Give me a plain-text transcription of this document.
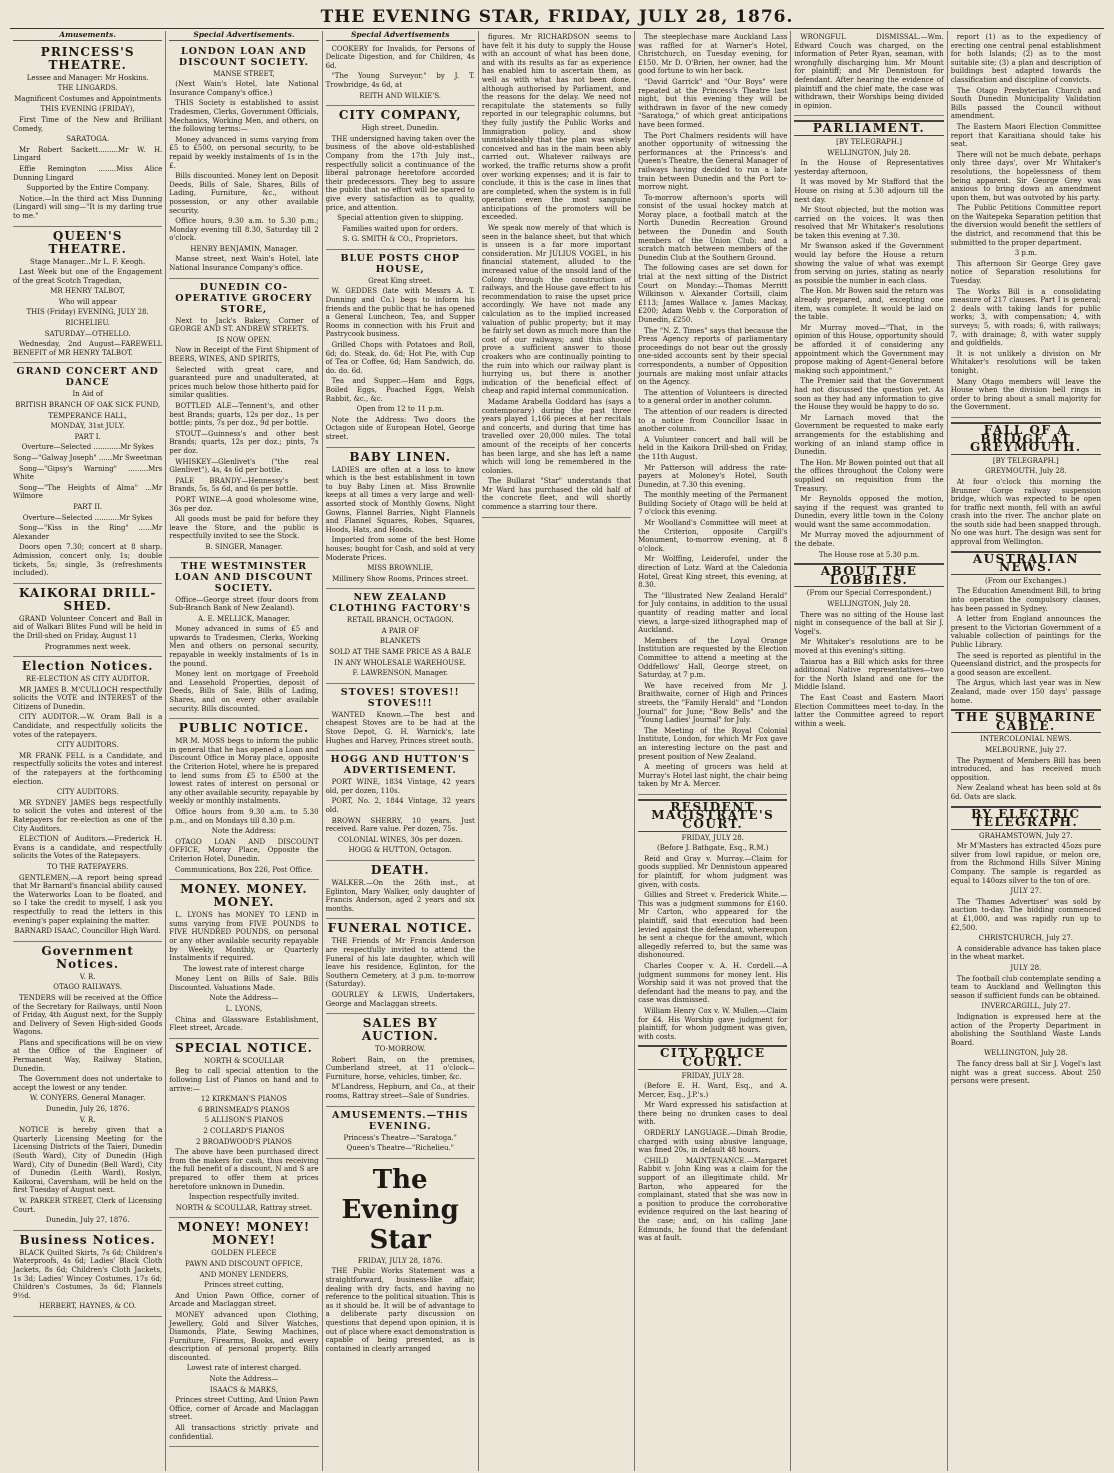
THE EVENING STAR, FRIDAY, JULY 28, 1876.
Amusements.
PRINCESS'S THEATRE.

Lessee and Manager: Mr Hoskins.

THE LINGARDS.

Magnificent Costumes and Appointments

THIS EVENING (FRIDAY),

First Time of the New and Brilliant Comedy,

SARATOGA.

Mr Robert Sackett.........Mr W. H. Lingard

Effie Remington ........Miss Alice Dunning Lingard

Supported by the Entire Company.

Notice.—In the third act Miss Dunning (Lingard) will sing—"It is my darling true to me."

QUEEN'S THEATRE.

Stage Manager...Mr L. F. Keogh.

Last Week but one of the Engagement of the great Scotch Tragedian,

MR HENRY TALBOT,

Who will appear

THIS (Friday) EVENING, JULY 28.

RICHELIEU.

SATURDAY—OTHELLO.

Wednesday, 2nd August—FAREWELL BENEFIT of MR HENRY TALBOT.

GRAND CONCERT AND DANCE

In Aid of

BRITISH BRANCH OF OAK SICK FUND,

TEMPERANCE HALL,

MONDAY, 31st JULY.

PART I.

Overture—Selected ............Mr Sykes

Song—"Galway Joseph" ......Mr Sweetman

Song—"Gipsy's Warning" .........Mrs White

Song—"The Heights of Alma" ...Mr Wilmore

PART II.

Overture—Selected ...........Mr Sykes

Song—"Kiss in the Ring" ......Mr Alexander

Doors open 7.30; concert at 8 sharp. Admission, concert only, 1s; double tickets, 5s; single, 3s (refreshments included).

KAIKORAI DRILL-SHED.

GRAND Volunteer Concert and Ball in aid of Walkari Blites Fund will be held in the Drill-shed on Friday, August 11

Programmes next week.

Election Notices.

RE-ELECTION AS CITY AUDITOR.

MR JAMES B. M'CULLOCH respectfully solicits the VOTE and INTEREST of the Citizens of Dunedin.

CITY AUDITOR.—W. Oram Ball is a Candidate, and respectfully solicits the votes of the ratepayers.

CITY AUDITORS.

MR FRANK FELL is a Candidate, and respectfully solicits the votes and interest of the ratepayers at the forthcoming election.

CITY AUDITORS.

MR SYDNEY JAMES begs respectfully to solicit the votes and interest of the Ratepayers for re-election as one of the City Auditors.

ELECTION of Auditors.—Frederick H. Evans is a candidate, and respectfully solicits the Votes of the Ratepayers.

TO THE RATEPAYERS.

GENTLEMEN,—A report being spread that Mr Barnard's financial ability caused the Waterworks Loan to be floated, and so I take the credit to myself, I ask you respectfully to read the letters in this evening's paper explaining the matter.

BARNARD ISAAC, Councillor High Ward.

Government Notices.

V. R.

OTAGO RAILWAYS.

TENDERS will be received at the Office of the Secretary for Railways, until Noon of Friday, 4th August next, for the Supply and Delivery of Seven High-sided Goods Wagons.

Plans and specifications will be on view at the Office of the Engineer of Permanent Way, Railway Station, Dunedin.

The Government does not undertake to accept the lowest or any tender.

W. CONYERS, General Manager.

Dunedin, July 26, 1876.

V. R.

NOTICE is hereby given that a Quarterly Licensing Meeting for the Licensing Districts of the Taieri, Dunedin (South Ward), City of Dunedin (High Ward), City of Dunedin (Bell Ward), City of Dunedin (Leith Ward), Roslyn, Kaikorai, Caversham, will be held on the first Tuesday of August next.

W. PARKER STREET, Clerk of Licensing Court.

Dunedin, July 27, 1876.

Business Notices.

BLACK Quilted Skirts, 7s 6d; Children's Waterproofs, 4s 6d; Ladies' Black Cloth Jackets, 8s 6d; Children's Cloth Jackets, 1s 3d; Ladies' Wincey Costumes, 17s 6d; Children's Costumes, 3s 6d; Flannels 9½d.

HERBERT, HAYNES, & CO.

Special Advertisements.
LONDON LOAN AND DISCOUNT SOCIETY.

MANSE STREET,

(Next Wain's Hotel, late National Insurance Company's office.)

THIS Society is established to assist Tradesmen, Clerks, Government Officials, Mechanics, Working Men, and others, on the following terms:—

Money advanced in sums varying from £5 to £500, on personal security, to be repaid by weekly instalments of 1s in the £.

Bills discounted. Money lent on Deposit Deeds, Bills of Sale, Shares, Bills of Lading, Furniture, &c., without possession, or any other available security.

Office hours, 9.30 a.m. to 5.30 p.m.; Monday evening till 8.30, Saturday till 2 o'clock.

HENRY BENJAMIN, Manager.

Manse street, next Wain's Hotel, late National Insurance Company's office.

DUNEDIN CO-OPERATIVE GROCERY STORE,

Next to Jack's Bakery, Corner of GEORGE AND ST. ANDREW STREETS.

IS NOW OPEN.

Now in Receipt of the First Shipment of BEERS, WINES, AND SPIRITS,

Selected with great care, and guaranteed pure and unadulterated, at prices much below those hitherto paid for similar qualities.

BOTTLED ALE—Tennent's, and other best Brands; quarts, 12s per doz., 1s per bottle; pints, 7s per doz., 9d per bottle.

STOUT—Guinness's and other best Brands; quarts, 12s per doz.; pints, 7s per doz.

WHISKEY—Glenlivet's ("the real Glenlivet"), 4s, 4s 6d per bottle.

PALE BRANDY—Hennessy's best Brands, 5s, 5s 6d, and 6s per bottle.

PORT WINE—A good wholesome wine, 36s per doz.

All goods must be paid for before they leave the Store, and the public is respectfully invited to see the Stock.

B. SINGER, Manager.

THE WESTMINSTER LOAN AND DISCOUNT SOCIETY.

Office—George street (four doors from Sub-Branch Bank of New Zealand).

A. E. MELLICK, Manager.

Money advanced in sums of £5 and upwards to Tradesmen, Clerks, Working Men and others on personal security, repayable in weekly instalments of 1s in the pound.

Money lent on mortgage of Freehold and Leasehold Properties, deposit of Deeds, Bills of Sale, Bills of Lading, Shares, and on every other available security. Bills discounted.

PUBLIC NOTICE.

MR M. MOSS begs to inform the public in general that he has opened a Loan and Discount Office in Moray place, opposite the Criterion Hotel, where he is prepared to lend sums from £5 to £500 at the lowest rates of interest on personal or any other available security, repayable by weekly or monthly instalments.

Office hours from 9.30 a.m. to 5.30 p.m., and on Mondays till 8.30 p.m.

Note the Address:

OTAGO LOAN AND DISCOUNT OFFICE, Moray Place, Opposite the Criterion Hotel, Dunedin.

Communications, Box 226, Post Office.

MONEY. MONEY. MONEY.

L. LYONS has MONEY TO LEND in sums varying from FIVE POUNDS to FIVE HUNDRED POUNDS, on personal or any other available security repayable by Weekly, Monthly, or Quarterly Instalments if required.

The lowest rate of interest charge

Money Lent on Bills of Sale. Bills Discounted. Valuations Made.

Note the Address—

L. LYONS,

China and Glassware Establishment, Fleet street, Arcade.

SPECIAL NOTICE.

NORTH & SCOULLAR

Beg to call special attention to the following List of Pianos on hand and to arrive:—

12 KIRKMAN'S PIANOS

6 BRINSMEAD'S PIANOS

5 ALLISON'S PIANOS

2 COLLARD'S PIANOS

2 BROADWOOD'S PIANOS

The above have been purchased direct from the makers for cash, thus receiving the full benefit of a discount, N and S are prepared to offer them at prices heretofore unknown in Dunedin.

Inspection respectfully invited.

NORTH & SCOULLAR, Rattray street.

MONEY! MONEY! MONEY!

GOLDEN FLEECE

PAWN AND DISCOUNT OFFICE,

AND MONEY LENDERS,

Princes street cutting,

And Union Pawn Office, corner of Arcade and Maclaggan street.

MONEY advanced upon Clothing, Jewellery, Gold and Silver Watches, Diamonds, Plate, Sewing Machines, Furniture, Firearms, Books, and every description of personal property. Bills discounted.

Lowest rate of interest charged.

Note the Address—

ISAACS & MARKS,

Princes street Cutting, And Union Pawn Office, corner of Arcade and Maclaggan street.

All transactions strictly private and confidential.

Special Advertisements

COOKERY for Invalids, for Persons of Delicate Digestion, and for Children, 4s 6d.

"The Young Surveyor," by J. T. Trowbridge, 4s 6d, at

REITH AND WILKIE'S.

CITY COMPANY,

High street, Dunedin.

THE undersigned having taken over the business of the above old-established Company from the 17th July inst., respectfully solicit a continuance of the liberal patronage heretofore accorded their predecessors. They beg to assure the public that no effort will be spared to give every satisfaction as to quality, price, and attention.

Special attention given to shipping.

Families waited upon for orders.

S. G. SMITH & CO., Proprietors.

BLUE POSTS CHOP HOUSE,

Great King street.

W. GEDDES (late with Messrs A. T. Dunning and Co.) begs to inform his friends and the public that he has opened a General Luncheon, Tea, and Supper Rooms in connection with his Fruit and Pastrycook business.

Grilled Chops with Potatoes and Roll, 6d; do. Steak, do. 6d; Hot Pie, with Cup of Tea or Coffee, 6d; Ham Sandwich, do. do. do. 6d.

Tea and Supper.—Ham and Eggs, Boiled Eggs, Poached Eggs, Welsh Rabbit, &c., &c.

Open from 12 to 11 p.m.

Note the Address: Two doors the Octagon side of European Hotel, George street.

BABY LINEN.

LADIES are often at a loss to know which is the best establishment in town to buy Baby Linen at. Miss Brownlie keeps at all times a very large and well-assorted stock of Monthly Gowns, Night Gowns, Flannel Barries, Night Flannels and Flannel Squares, Robes, Squares, Hoods, Hats, and Hoods.

Imported from some of the best Home houses; bought for Cash, and sold at very Moderate Prices.

MISS BROWNLIE,

Millinery Show Rooms, Princes street.

NEW ZEALAND CLOTHING FACTORY'S

RETAIL BRANCH, OCTAGON.

A PAIR OF

BLANKETS

SOLD AT THE SAME PRICE AS A BALE

IN ANY WHOLESALE WAREHOUSE.

F. LAWRENSON, Manager.

STOVES! STOVES!! STOVES!!!

WANTED Known.—The best and cheapest Stoves are to be had at the Stove Depot, G. H. Warnick's, late Hughes and Harvey, Princes street south.

HOGG AND HUTTON'S ADVERTISEMENT.

PORT WINE, 1834 Vintage, 42 years old, per dozen, 110s.

PORT, No. 2, 1844 Vintage, 32 years old.

BROWN SHERRY, 10 years. Just received. Rare value. Per dozen, 75s.

COLONIAL WINES, 30s per dozen.

HOGG & HUTTON, Octagon.

DEATH.

WALKER.—On the 26th inst., at Eglinton, Mary Walker, only daughter of Francis Anderson, aged 2 years and six months.

FUNERAL NOTICE.

THE Friends of Mr Francis Anderson are respectfully invited to attend the Funeral of his late daughter, which will leave his residence, Eglinton, for the Southern Cemetery, at 3 p.m. to-morrow (Saturday).

GOURLEY & LEWIS, Undertakers, George and Maclaggan streets.

SALES BY AUCTION.

TO-MORROW.

Robert Bain, on the premises, Cumberland street, at 11 o'clock—Furniture, horse, vehicles, timber, &c.

M'Landress, Hepburn, and Co., at their rooms, Rattray street—Sale of Sundries.

AMUSEMENTS.—THIS EVENING.

Princess's Theatre—"Saratoga."

Queen's Theatre—"Richelieu."

The Evening Star

FRIDAY, JULY 28, 1876.

THE Public Works Statement was a straightforward, business-like affair, dealing with dry facts, and having no reference to the political situation. This is as it should be. It will be of advantage to a deliberate party discussion on questions that depend upon opinion, it is out of place where exact demonstration is capable of being presented, as is contained in clearly arranged

figures. Mr RICHARDSON seems to have felt it his duty to supply the House with an account of what has been done, and with its results as far as experience has enabled him to ascertain them, as well as with what has not been done, although authorised by Parliament, and the reasons for the delay. We need not recapitulate the statements so fully reported in our telegraphic columns, but they fully justify the Public Works and Immigration policy, and show unmistakeably that the plan was wisely conceived and has in the main been ably carried out. Whatever railways are worked, the traffic returns show a profit over working expenses; and it is fair to conclude, it this is the case in lines that are completed, when the system is in full operation even the most sanguine anticipations of the promoters will be exceeded.

We speak now merely of that which is seen in the balance sheet, but that which is unseen is a far more important consideration. Mr JULIUS VOGEL, in his financial statement, alluded to the increased value of the unsold land of the Colony through the construction of railways, and the House gave effect to his recommendation to raise the upset price accordingly. We have not made any calculation as to the implied increased valuation of public property; but it may be fairly set down as much more than the cost of our railways; and this should prove a sufficient answer to those croakers who are continually pointing to the ruin into which our railway plant is hurrying us, but there is another indication of the beneficial effect of cheap and rapid internal communication.

Madame Arabella Goddard has (says a contemporary) during the past three years played 1,166 pieces at her recitals and concerts, and during that time has travelled over 20,000 miles. The total amount of the receipts of her concerts has been large, and she has left a name which will long be remembered in the colonies.

The Bullarat "Star" understands that Mr Ward has purchased the old half of the concrete fleet, and will shortly commence a starring tour there.

The steeplechase mare Auckland Lass was raffled for at Warner's Hotel, Christchurch, on Tuesday evening, for £150. Mr D. O'Brien, her owner, had the good fortune to win her back.

"David Garrick" and "Our Boys" were repeated at the Princess's Theatre last night, but this evening they will be withdrawn in favor of the new comedy "Saratoga," of which great anticipations have been formed.

The Port Chalmers residents will have another opportunity of witnessing the performances at the Princess's and Queen's Theatre, the General Manager of railways having decided to run a late train between Dunedin and the Port to-morrow night.

To-morrow afternoon's sports will consist of the usual hockey match at Moray place, a football match at the North Dunedin Recreation Ground between the Dunedin and South members of the Union Club; and a scratch match between members of the Dunedin Club at the Southern Ground.

The following cases are set down for trial at the next sitting of the District Court on Monday:—Thomas Merritt Wilkinson v. Alexander Cortsill, claim £113; James Wallace v. James Mackay, £200; Adam Webb v. the Corporation of Dunedin, £250.

The "N. Z. Times" says that because the Press Agency reports of parliamentary proceedings do not bear out the grossly one-sided accounts sent by their special correspondents, a number of Opposition journals are making most unfair attacks on the Agency.

The attention of Volunteers is directed to a general order in another column.

The attention of our readers is directed to a notice from Councillor Isaac in another column.

A Volunteer concert and ball will be held in the Kaikora Drill-shed on Friday, the 11th August.

Mr Patterson will address the rate-payers at Moloney's Hotel, South Dunedin, at 7.30 this evening.

The monthly meeting of the Permanent Building Society of Otago will be held at 7 o'clock this evening.

Mr Woolland's Committee will meet at the Criterion, opposite Cargill's Monument, to-morrow evening, at 8 o'clock.

Mr Wolffing, Leiderofel, under the direction of Lotz. Ward at the Caledonia Hotel, Great King street, this evening, at 8.30.

The "Illustrated New Zealand Herald" for July contains, in addition to the usual quantity of reading matter and local views, a large-sized lithographed map of Auckland.

Members of the Loyal Orange Institution are requested by the Election Committee to attend a meeting at the Oddfellows' Hall, George street, on Saturday, at 7 p.m.

We have received from Mr J. Braithwaite, corner of High and Princes streets, the "Family Herald" and "London Journal" for June; "Bow Bells" and the "Young Ladies' Journal" for July.

The Meeting of the Royal Colonial Institute, London, for which Mr Fox gave an interesting lecture on the past and present position of New Zealand.

A meeting of grocers was held at Murray's Hotel last night, the chair being taken by Mr A. Mercer.

RESIDENT MAGISTRATE'S COURT.

FRIDAY, JULY 28.

(Before J. Bathgate, Esq., R.M.)

Reid and Gray v. Murray.—Claim for goods supplied. Mr Dennistoun appeared for plaintiff, for whom judgment was given, with costs.

Gillies and Street v. Frederick White.—This was a judgment summons for £160. Mr Carton, who appeared for the plaintiff, said that execution had been levied against the defendant, whereupon he sent a cheque for the amount, which allegedly referred to, but the same was dishonoured.

Charles Cooper v. A. H. Cordell.—A judgment summons for money lent. His Worship said it was not proved that the defendant had the means to pay, and the case was dismissed.

William Henry Cox v. W. Mullen.—Claim for £4. His Worship gave judgment for plaintiff, for whom judgment was given, with costs.

CITY POLICE COURT.

FRIDAY, JULY 28.

(Before E. H. Ward, Esq., and A. Mercer, Esq., J.P.'s.)

Mr Ward expressed his satisfaction at there being no drunken cases to deal with.

ORDERLY LANGUAGE.—Dinah Brodie, charged with using abusive language, was fined 20s, in default 48 hours.

CHILD MAINTENANCE.—Margaret Rabbit v. John King was a claim for the support of an illegitimate child. Mr Barton, who appeared for the complainant, stated that she was now in a position to produce the corroborative evidence required on the last hearing of the case; and, on his calling Jane Edmunds, he found that the defendant was at fault.

WRONGFUL DISMISSAL.—Wm. Edward Couch was charged, on the information of Peter Ryan, seaman, with wrongfully discharging him. Mr Mount for plaintiff; and Mr Dennistoun for defendant. After hearing the evidence of plaintiff and the chief mate, the case was withdrawn, their Worships being divided in opinion.

PARLIAMENT.

[BY TELEGRAPH.]

WELLINGTON, July 28.

In the House of Representatives yesterday afternoon,

It was moved by Mr Stafford that the House on rising at 5.30 adjourn till the next day.

Mr Stout objected, but the motion was carried on the voices. It was then resolved that Mr Whitaker's resolutions be taken this evening at 7.30.

Mr Swanson asked if the Government would lay before the House a return showing the value of what was exempt from serving on juries, stating as nearly as possible the number in each class.

The Hon. Mr Bowen said the return was already prepared, and, excepting one item, was complete. It would be laid on the table.

Mr Murray moved—"That, in the opinion of this House, opportunity should be afforded it of considering any appointment which the Government may propose making of Agent-General before making such appointment."

The Premier said that the Government had not discussed the question yet. As soon as they had any information to give the House they would be happy to do so.

Mr Larnach moved that the Government be requested to make early arrangements for the establishing and working of an inland stamp office in Dunedin.

The Hon. Mr Bowen pointed out that all the offices throughout the Colony were supplied on requisition from the Treasury.

Mr Reynolds opposed the motion, saying if the request was granted to Dunedin, every little town in the Colony would want the same accommodation.

Mr Murray moved the adjournment of the debate.

The House rose at 5.30 p.m.

ABOUT THE LOBBIES.

(From our Special Correspondent.)

WELLINGTON, July 28.

There was no sitting of the House last night in consequence of the ball at Sir J. Vogel's.

Mr Whitaker's resolutions are to be moved at this evening's sitting.

Taiaroa has a Bill which asks for three additional Native representatives—two for the North Island and one for the Middle Island.

The East Coast and Eastern Maori Election Committees meet to-day. In the latter the Committee agreed to report within a week.

report (1) as to the expediency of erecting one central penal establishment for both Islands; (2) as to the most suitable site; (3) a plan and description of buildings best adapted towards the classification and discipline of convicts.

The Otago Presbyterian Church and South Dunedin Municipality Validation Bills passed the Council without amendment.

The Eastern Maori Election Committee report that Karaitiana should take his seat.

There will not be much debate, perhaps only three days', over Mr Whitaker's resolutions, the hopelessness of them being apparent. Sir George Grey was anxious to bring down an amendment upon them, but was outvoted by his party.

The Public Petitions Committee report on the Waitepeka Separation petition that the diversion would benefit the settlers of the district, and recommend that this be submitted to the proper department.

3 p.m.

This afternoon Sir George Grey gave notice of Separation resolutions for Tuesday.

The Works Bill is a consolidating measure of 217 clauses. Part I is general; 2 deals with taking lands for public works; 3, with compensation; 4, with surveys; 5, with roads; 6, with railways; 7, with drainage; 8, with water supply and goldfields.

It is not unlikely a division on Mr Whitaker's resolutions will be taken tonight.

Many Otago members will leave the House when the division bell rings in order to bring about a small majority for the Government.

FALL OF A BRIDGE AT GREYMOUTH.

[BY TELEGRAPH.]

GREYMOUTH, July 28.

At four o'clock this morning the Brunner Gorge railway suspension bridge, which was expected to be open for traffic next month, fell with an awful crash into the river. The anchor plate on the south side had been snapped through. No one was hurt. The design was sent for approval from Wellington.

AUSTRALIAN NEWS.

(From our Exchanges.)

The Education Amendment Bill, to bring into operation the compulsory clauses, has been passed in Sydney.

A letter from England announces the present to the Victorian Government of a valuable collection of paintings for the Public Library.

The seed is reported as plentiful in the Queensland district, and the prospects for a good season are excellent.

The Argus, which last year was in New Zealand, made over 150 days' passage home.

THE SUBMARINE CABLE.

INTERCOLONIAL NEWS.

MELBOURNE, July 27.

The Payment of Members Bill has been introduced, and has received much opposition.

New Zealand wheat has been sold at 8s 6d. Oats are slack.

BY ELECTRIC TELEGRAPH.

GRAHAMSTOWN, July 27.

Mr M'Masters has extracted 45ozs pure silver from Iowl rapidue, or melon ore, from the Richmond Hills Silver Mining Company. The sample is regarded as equal to 140ozs silver to the ton of ore.

JULY 27.

The 'Thames Advertiser' was sold by auction to-day. The bidding commenced at £1,000, and was rapidly run up to £2,500.

CHRISTCHURCH, July 27.

A considerable advance has taken place in the wheat market.

JULY 28.

The football club contemplate sending a team to Auckland and Wellington this season if sufficient funds can be obtained.

INVERCARGILL, July 27.

Indignation is expressed here at the action of the Property Department in abolishing the Southland Waste Lands Board.

WELLINGTON, July 28.

The fancy dress ball at Sir J. Vogel's last night was a great success. About 250 persons were present.
